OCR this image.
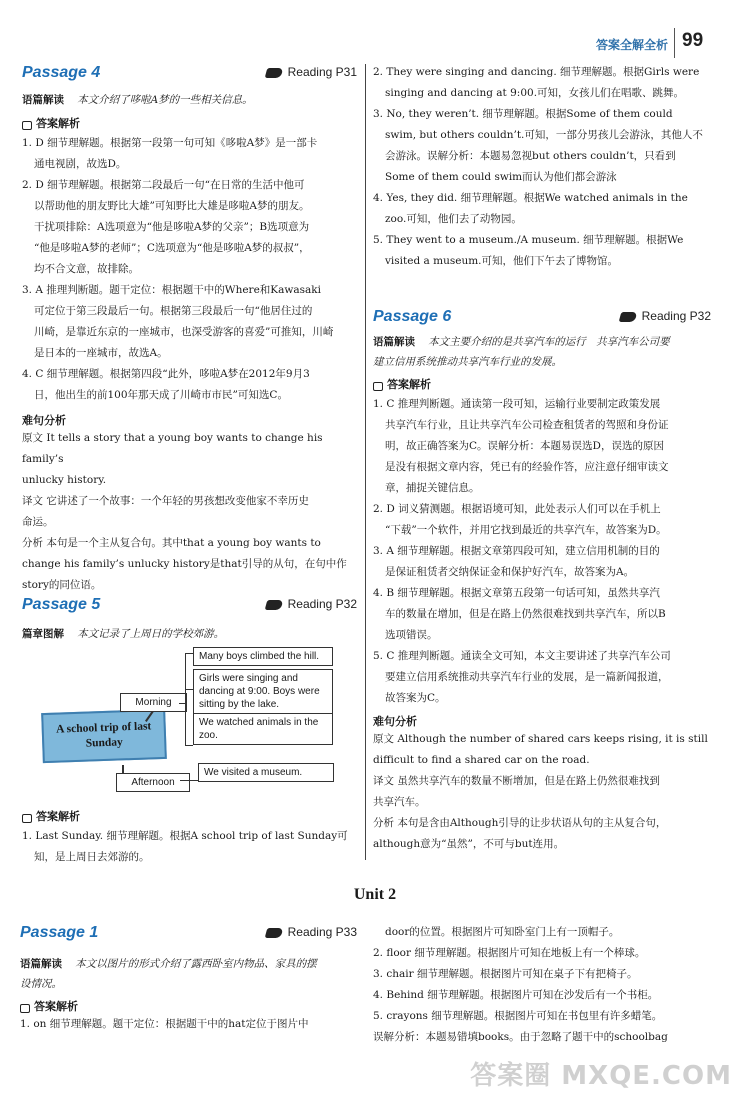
答案全解全析 99
Passage 4	Reading P31
语篇解读 本文介绍了哆啦A梦的一些相关信息。
答案解析
1. D 细节理解题。根据第一段第一句可知《哆啦A梦》是一部卡
通电视剧，故选D。
2. D 细节理解题。根据第二段最后一句“在日常的生活中他可
以帮助他的朋友野比大雄”可知野比大雄是哆啦A梦的朋友。
干扰项排除：A选项意为“他是哆啦A梦的父亲”；B选项意为
“他是哆啦A梦的老师”；C选项意为“他是哆啦A梦的叔叔”，
均不合文意，故排除。
3. A 推理判断题。题干定位：根据题干中的Where和Kawasaki
可定位于第三段最后一句。根据第三段最后一句“他居住过的
川崎，是靠近东京的一座城市，也深受游客的喜爱”可推知，川崎
是日本的一座城市，故选A。
4. C 细节理解题。根据第四段“此外，哆啦A梦在2012年9月3
日，他出生的前100年那天成了川崎市市民”可知选C。
难句分析
原文 It tells a story that a young boy wants to change his family’s
unlucky history.
译文 它讲述了一个故事：一个年轻的男孩想改变他家不幸历史
命运。
分析 本句是一个主从复合句。其中that a young boy wants to
change his family’s unlucky history是that引导的从句，在句中作
story的同位语。
Passage 5	Reading P32
篇章图解 本文记录了上周日的学校郊游。
A school trip of last Sunday
Morning
Afternoon
Many boys climbed the hill.
Girls were singing and dancing at 9:00. Boys were sitting by the lake.
We watched animals in the zoo.
We visited a museum.
答案解析
1. Last Sunday. 细节理解题。根据A school trip of last Sunday可
知，是上周日去郊游的。
2. They were singing and dancing. 细节理解题。根据Girls were
singing and dancing at 9:00.可知，女孩儿们在唱歌、跳舞。
3. No, they weren’t. 细节理解题。根据Some of them could
swim, but others couldn’t.可知，一部分男孩儿会游泳，其他人不
会游泳。误解分析：本题易忽视but others couldn’t，只看到
Some of them could swim而认为他们都会游泳
4. Yes, they did. 细节理解题。根据We watched animals in the
zoo.可知，他们去了动物园。
5. They went to a museum./A museum. 细节理解题。根据We
visited a museum.可知，他们下午去了博物馆。
Passage 6	Reading P32
语篇解读 本文主要介绍的是共享汽车的运行　共享汽车公司要
建立信用系统推动共享汽车行业的发展。
答案解析
1. C 推理判断题。通读第一段可知，运输行业要制定政策发展
共享汽车行业，且让共享汽车公司检查租赁者的驾照和身份证
明，故正确答案为C。误解分析：本题易误选D，误选的原因
是没有根据文章内容，凭已有的经验作答，应注意仔细审读文
章，捕捉关键信息。
2. D 词义猜测题。根据语境可知，此处表示人们可以在手机上
“下载”一个软件，并用它找到最近的共享汽车，故答案为D。
3. A 细节理解题。根据文章第四段可知，建立信用机制的目的
是保证租赁者交纳保证金和保护好汽车，故答案为A。
4. B 细节理解题。根据文章第五段第一句话可知，虽然共享汽
车的数量在增加，但是在路上仍然很难找到共享汽车，所以B
选项错误。
5. C 推理判断题。通读全文可知，本文主要讲述了共享汽车公司
要建立信用系统推动共享汽车行业的发展，是一篇新闻报道，
故答案为C。
难句分析
原文 Although the number of shared cars keeps rising, it is still
difficult to find a shared car on the road.
译文 虽然共享汽车的数量不断增加，但是在路上仍然很难找到
共享汽车。
分析 本句是含由Although引导的让步状语从句的主从复合句，
although意为“虽然”，不可与but连用。
Unit 2
Passage 1	Reading P33
语篇解读 本文以图片的形式介绍了露西卧室内物品、家具的摆
设情况。
答案解析
1. on 细节理解题。题干定位：根据题干中的hat定位于图片中
door的位置。根据图片可知卧室门上有一顶帽子。
2. floor 细节理解题。根据图片可知在地板上有一个棒球。
3. chair 细节理解题。根据图片可知在桌子下有把椅子。
4. Behind 细节理解题。根据图片可知在沙发后有一个书柜。
5. crayons 细节理解题。根据图片可知在书包里有许多蜡笔。
误解分析：本题易错填books。由于忽略了题干中的schoolbag
答案圈 MXQE.COM
